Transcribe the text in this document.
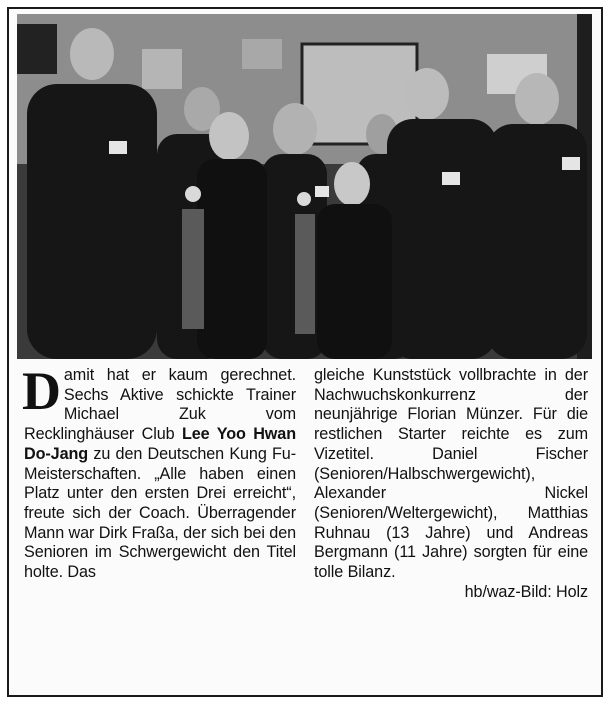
Damit hat er kaum gerechnet. Sechs Aktive schickte Trainer Michael Zuk vom Recklinghäuser Club Lee Yoo Hwan Do-Jang zu den Deutschen Kung Fu-Meisterschaften. „Alle haben einen Platz unter den ersten Drei erreicht“, freute sich der Coach. Überragender Mann war Dirk Fraßa, der sich bei den Senioren im Schwergewicht den Titel holte. Das
gleiche Kunststück vollbrachte in der Nachwuchskonkurrenz der neunjährige Florian Münzer. Für die restlichen Starter reichte es zum Vizetitel. Daniel Fischer (Senioren/Halbschwergewicht), Alexander Nickel (Senioren/Weltergewicht), Matthias Ruhnau (13 Jahre) und Andreas Bergmann (11 Jahre) sorgten für eine tolle Bilanz.
hb/waz-Bild: Holz
